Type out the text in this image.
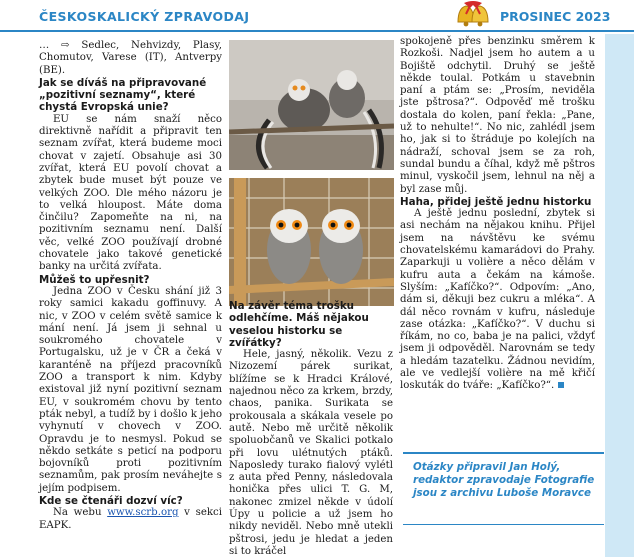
ČESKOSKALICKÝ ZPRAVODAJ	PROSINEC 2023

… ⇨ Sedlec, Nehvizdy, Plasy, Chomutov, Varese (IT), Antverpy (BE).

Jak se díváš na připravované „pozitivní seznamy“, které chystá Evropská unie?

EU se nám snaží něco direktivně nařídit a připravit ten seznam zvířat, která budeme moci chovat v zajetí. Obsahuje asi 30 zvířat, která EU povolí chovat a zbytek bude muset být pouze ve velkých ZOO. Dle mého názoru je to velká hloupost. Máte doma činčilu? Zapomeňte na ni, na pozitivním seznamu není. Další věc, velké ZOO používají drobné chovatele jako takové genetické banky na určitá zvířata.

Můžeš to upřesnit?

Jedna ZOO v Česku shání již 3 roky samici kakadu goffinuvy. A nic, v ZOO v celém světě samice k mání není. Já jsem ji sehnal u soukromého chovatele v Portugalsku, už je v ČR a čeká v karanténě na příjezd pracovníků ZOO a transport k nim. Kdyby existoval již nyní pozitivní seznam EU, v soukromém chovu by tento pták nebyl, a tudíž by i došlo k jeho vyhynutí v chovech v ZOO. Opravdu je to nesmysl. Pokud se někdo setkáte s peticí na podporu bojovníků proti pozitivním seznamům, pak prosím neváhejte s jejím podpisem.

Kde se čtenáři dozví víc?

Na webu www.scrb.org v sekci EAPK.

Na závěr téma trošku odlehčíme. Máš nějakou veselou historku se zvířátky?

Hele, jasný, několik. Vezu z Nizozemí párek surikat, blížíme se k Hradci Králové, najednou něco za krkem, brzdy, chaos, panika. Surikata se prokousala a skákala vesele po autě. Nebo mě určitě několik spoluobčanů ve Skalici potkalo při lovu ulétnutých ptáků. Naposledy turako fialový vylétl z auta před Penny, následovala honička přes ulici T. G. M, nakonec zmizel někde v údolí Úpy u policie a už jsem ho nikdy neviděl. Nebo mně utekli pštrosi, jedu je hledat a jeden si to kráčel

spokojeně přes benzinku směrem k Rozkoši. Nadjel jsem ho autem a u Bojiště odchytil. Druhý se ještě někde toulal. Potkám u stavebnin paní a ptám se: „Prosím, neviděla jste pštrosa?“. Odpověď mě trošku dostala do kolen, paní řekla: „Pane, už to nehulte!“. No nic, zahlédl jsem ho, jak si to štráduje po kolejích na nádraží, schoval jsem se za roh, sundal bundu a číhal, když mě pštros minul, vyskočil jsem, lehnul na něj a byl zase můj.

Haha, přidej ještě jednu historku

A ještě jednu poslední, zbytek si asi nechám na nějakou knihu. Přijel jsem na návštěvu ke svému chovatelskému kamarádovi do Prahy. Zaparkuji u volière a něco dělám v kufru auta a čekám na kámoše. Slyším: „Kafíčko?“. Odpovím: „Ano, dám si, děkuji bez cukru a mléka“. A dál něco rovnám v kufru, následuje zase otázka: „Kafíčko?“. V duchu si říkám, no co, baba je na palici, vždyť jsem ji odpověděl. Narovnám se tedy a hledám tazatelku. Žádnou nevidím, ale ve vedlejší volière na mě křičí loskuták do tváře: „Kafíčko?“.

Otázky připravil Jan Holý, redaktor zpravodaje Fotografie jsou z archivu Luboše Moravce
